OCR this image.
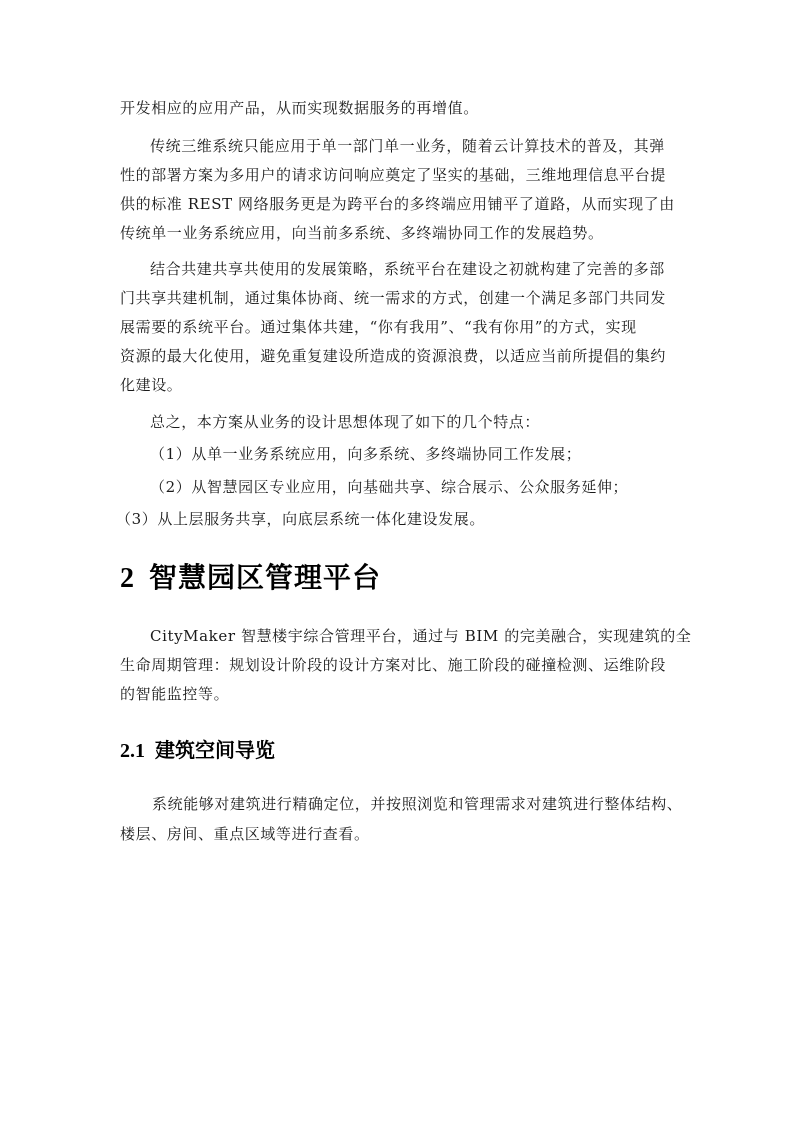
开发相应的应用产品，从而实现数据服务的再增值。
传统三维系统只能应用于单一部门单一业务，随着云计算技术的普及，其弹
性的部署方案为多用户的请求访问响应奠定了坚实的基础，三维地理信息平台提
供的标准 REST 网络服务更是为跨平台的多终端应用铺平了道路，从而实现了由
传统单一业务系统应用，向当前多系统、多终端协同工作的发展趋势。
结合共建共享共使用的发展策略，系统平台在建设之初就构建了完善的多部
门共享共建机制，通过集体协商、统一需求的方式，创建一个满足多部门共同发
展需要的系统平台。通过集体共建，“你有我用”、“我有你用”的方式，实现
资源的最大化使用，避免重复建设所造成的资源浪费，以适应当前所提倡的集约
化建设。
总之，本方案从业务的设计思想体现了如下的几个特点：
（1）从单一业务系统应用，向多系统、多终端协同工作发展；
（2）从智慧园区专业应用，向基础共享、综合展示、公众服务延伸；
（3）从上层服务共享，向底层系统一体化建设发展。
2 智慧园区管理平台
CityMaker 智慧楼宇综合管理平台，通过与 BIM 的完美融合，实现建筑的全
生命周期管理：规划设计阶段的设计方案对比、施工阶段的碰撞检测、运维阶段
的智能监控等。
2.1 建筑空间导览
系统能够对建筑进行精确定位，并按照浏览和管理需求对建筑进行整体结构、
楼层、房间、重点区域等进行查看。
